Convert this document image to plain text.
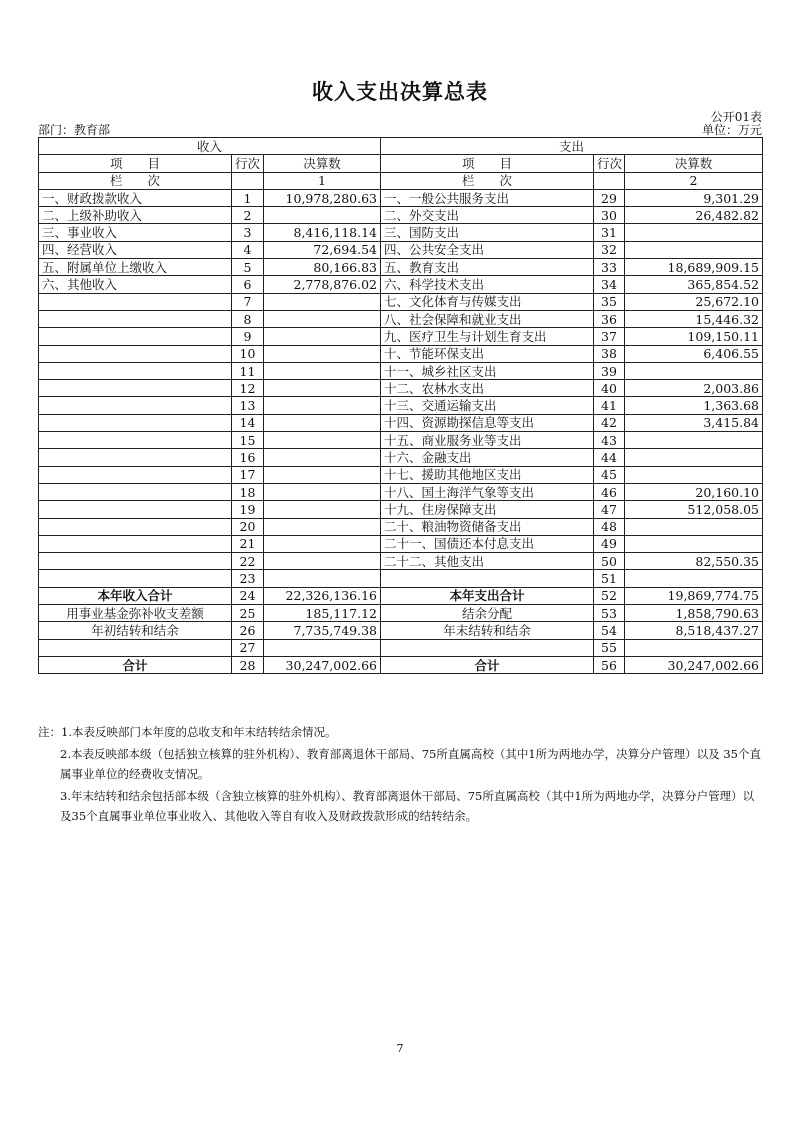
收入支出决算总表
公开01表
部门：教育部	单位：万元
收入			支出		
项　　目	行次	决算数	项　　目	行次	决算数
栏　　次		1	栏　　次		2
一、财政拨款收入	1	10,978,280.63	一、一般公共服务支出	29	9,301.29
二、上级补助收入	2		二、外交支出	30	26,482.82
三、事业收入	3	8,416,118.14	三、国防支出	31	
四、经营收入	4	72,694.54	四、公共安全支出	32	
五、附属单位上缴收入	5	80,166.83	五、教育支出	33	18,689,909.15
六、其他收入	6	2,778,876.02	六、科学技术支出	34	365,854.52
	7		七、文化体育与传媒支出	35	25,672.10
	8		八、社会保障和就业支出	36	15,446.32
	9		九、医疗卫生与计划生育支出	37	109,150.11
	10		十、节能环保支出	38	6,406.55
	11		十一、城乡社区支出	39	
	12		十二、农林水支出	40	2,003.86
	13		十三、交通运输支出	41	1,363.68
	14		十四、资源勘探信息等支出	42	3,415.84
	15		十五、商业服务业等支出	43	
	16		十六、金融支出	44	
	17		十七、援助其他地区支出	45	
	18		十八、国土海洋气象等支出	46	20,160.10
	19		十九、住房保障支出	47	512,058.05
	20		二十、粮油物资储备支出	48	
	21		二十一、国债还本付息支出	49	
	22		二十二、其他支出	50	82,550.35
	23			51	
本年收入合计	24	22,326,136.16	本年支出合计	52	19,869,774.75
用事业基金弥补收支差额	25	185,117.12	结余分配	53	1,858,790.63
年初结转和结余	26	7,735,749.38	年末结转和结余	54	8,518,437.27
	27			55	
合计	28	30,247,002.66	合计	56	30,247,002.66

注：1.本表反映部门本年度的总收支和年末结转结余情况。

2.本表反映部本级（包括独立核算的驻外机构）、教育部离退休干部局、75所直属高校（其中1所为两地办学，决算分户管理）以及 35个直属事业单位的经费收支情况。

3.年末结转和结余包括部本级（含独立核算的驻外机构）、教育部离退休干部局、75所直属高校（其中1所为两地办学，决算分户管理）以及35个直属事业单位事业收入、其他收入等自有收入及财政拨款形成的结转结余。

7
